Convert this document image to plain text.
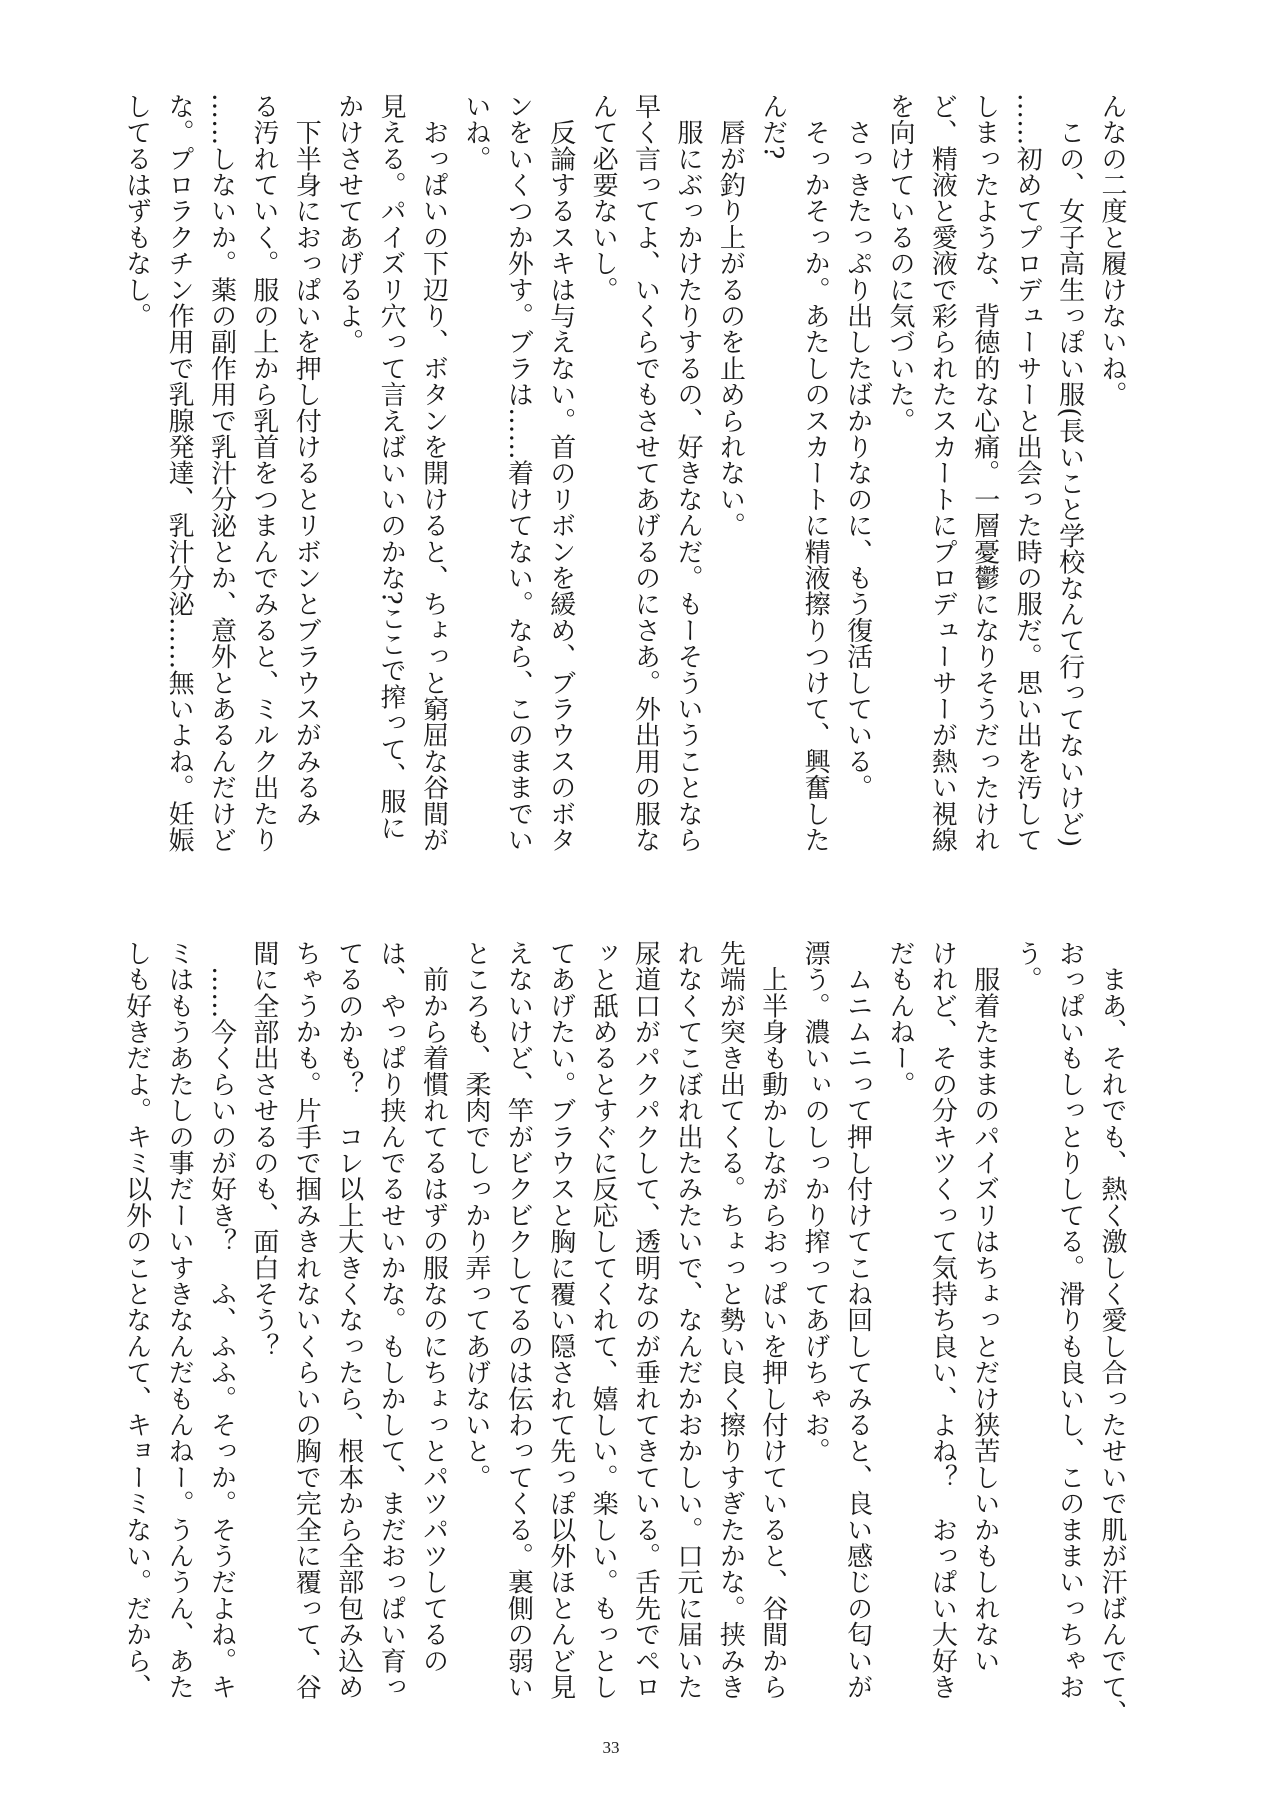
んなの二度と履けないね。
　この、女子高生っぽい服(長いこと学校なんて行ってないけど)
……初めてプロデューサーと出会った時の服だ。思い出を汚して
しまったような、背徳的な心痛。一層憂鬱になりそうだったけれ
ど、精液と愛液で彩られたスカートにプロデューサーが熱い視線
を向けているのに気づいた。
　さっきたっぷり出したばかりなのに、もう復活している。
　そっかそっか。あたしのスカートに精液擦りつけて、興奮した
んだ?
　唇が釣り上がるのを止められない。
　服にぶっかけたりするの、好きなんだ。もーそういうことなら
早く言ってよ、いくらでもさせてあげるのにさあ。外出用の服な
んて必要ないし。
　反論するスキは与えない。首のリボンを緩め、ブラウスのボタ
ンをいくつか外す。ブラは……着けてない。なら、このままでい
いね。
　おっぱいの下辺り、ボタンを開けると、ちょっと窮屈な谷間が
見える。パイズリ穴って言えばいいのかな?ここで搾って、服に
かけさせてあげるよ。
　下半身におっぱいを押し付けるとリボンとブラウスがみるみ
る汚れていく。服の上から乳首をつまんでみると、ミルク出たり
……しないか。薬の副作用で乳汁分泌とか、意外とあるんだけど
な。プロラクチン作用で乳腺発達、乳汁分泌……無いよね。妊娠
してるはずもなし。
　まあ、それでも、熱く激しく愛し合ったせいで肌が汗ばんでて、
おっぱいもしっとりしてる。滑りも良いし、このままいっちゃお
う。
　服着たままのパイズリはちょっとだけ狭苦しいかもしれない
けれど、その分キツくって気持ち良い、よね？　おっぱい大好き
だもんねー。
　ムニムニって押し付けてこね回してみると、良い感じの匂いが
漂う。濃いぃのしっかり搾ってあげちゃお。
　上半身も動かしながらおっぱいを押し付けていると、谷間から
先端が突き出てくる。ちょっと勢い良く擦りすぎたかな。挟みき
れなくてこぼれ出たみたいで、なんだかおかしい。口元に届いた
尿道口がパクパクして、透明なのが垂れてきている。舌先でペロ
ッと舐めるとすぐに反応してくれて、嬉しい。楽しい。もっとし
てあげたい。ブラウスと胸に覆い隠されて先っぽ以外ほとんど見
えないけど、竿がビクビクしてるのは伝わってくる。裏側の弱い
ところも、柔肉でしっかり弄ってあげないと。
　前から着慣れてるはずの服なのにちょっとパツパツしてるの
は、やっぱり挟んでるせいかな。もしかして、まだおっぱい育っ
てるのかも？　コレ以上大きくなったら、根本から全部包み込め
ちゃうかも。片手で掴みきれないくらいの胸で完全に覆って、谷
間に全部出させるのも、面白そう？
　……今くらいのが好き？　ふ、ふふ。そっか。そうだよね。キ
ミはもうあたしの事だーいすきなんだもんねー。うんうん、あた
しも好きだよ。キミ以外のことなんて、キョーミない。だから、
33
